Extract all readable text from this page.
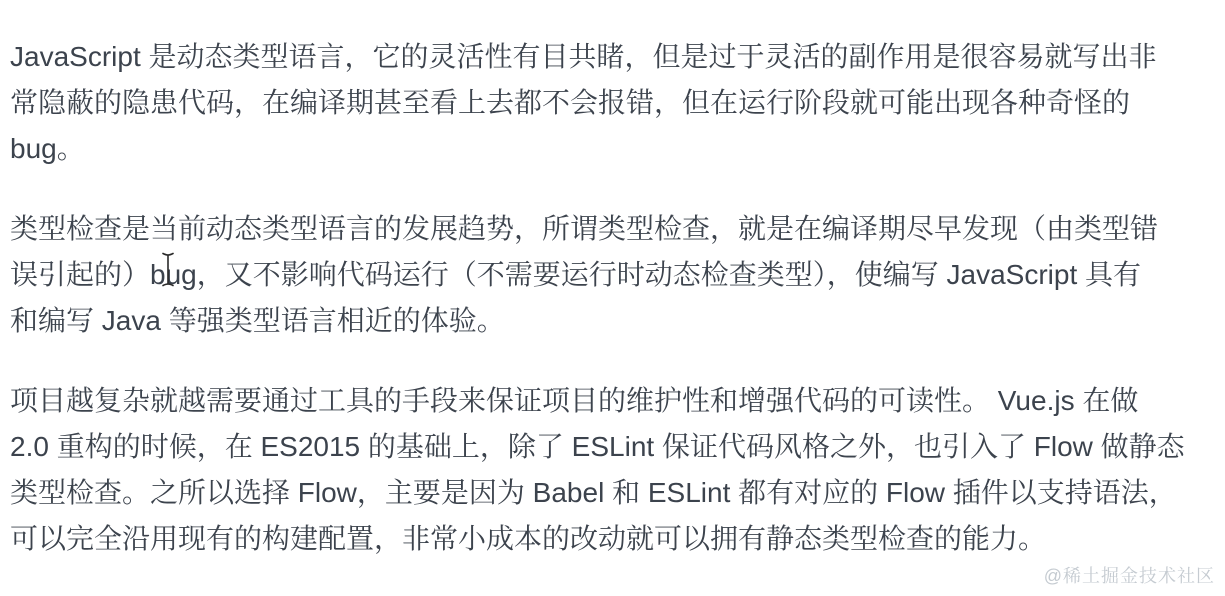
JavaScript 是动态类型语言，它的灵活性有目共睹，但是过于灵活的副作用是很容易就写出非
常隐蔽的隐患代码，在编译期甚至看上去都不会报错，但在运行阶段就可能出现各种奇怪的
bug。
类型检查是当前动态类型语言的发展趋势，所谓类型检查，就是在编译期尽早发现（由类型错
误引起的）bug，又不影响代码运行（不需要运行时动态检查类型），使编写 JavaScript 具有
和编写 Java 等强类型语言相近的体验。
项目越复杂就越需要通过工具的手段来保证项目的维护性和增强代码的可读性。 Vue.js 在做
2.0 重构的时候，在 ES2015 的基础上，除了 ESLint 保证代码风格之外，也引入了 Flow 做静态
类型检查。之所以选择 Flow，主要是因为 Babel 和 ESLint 都有对应的 Flow 插件以支持语法，
可以完全沿用现有的构建配置，非常小成本的改动就可以拥有静态类型检查的能力。
@稀土掘金技术社区
